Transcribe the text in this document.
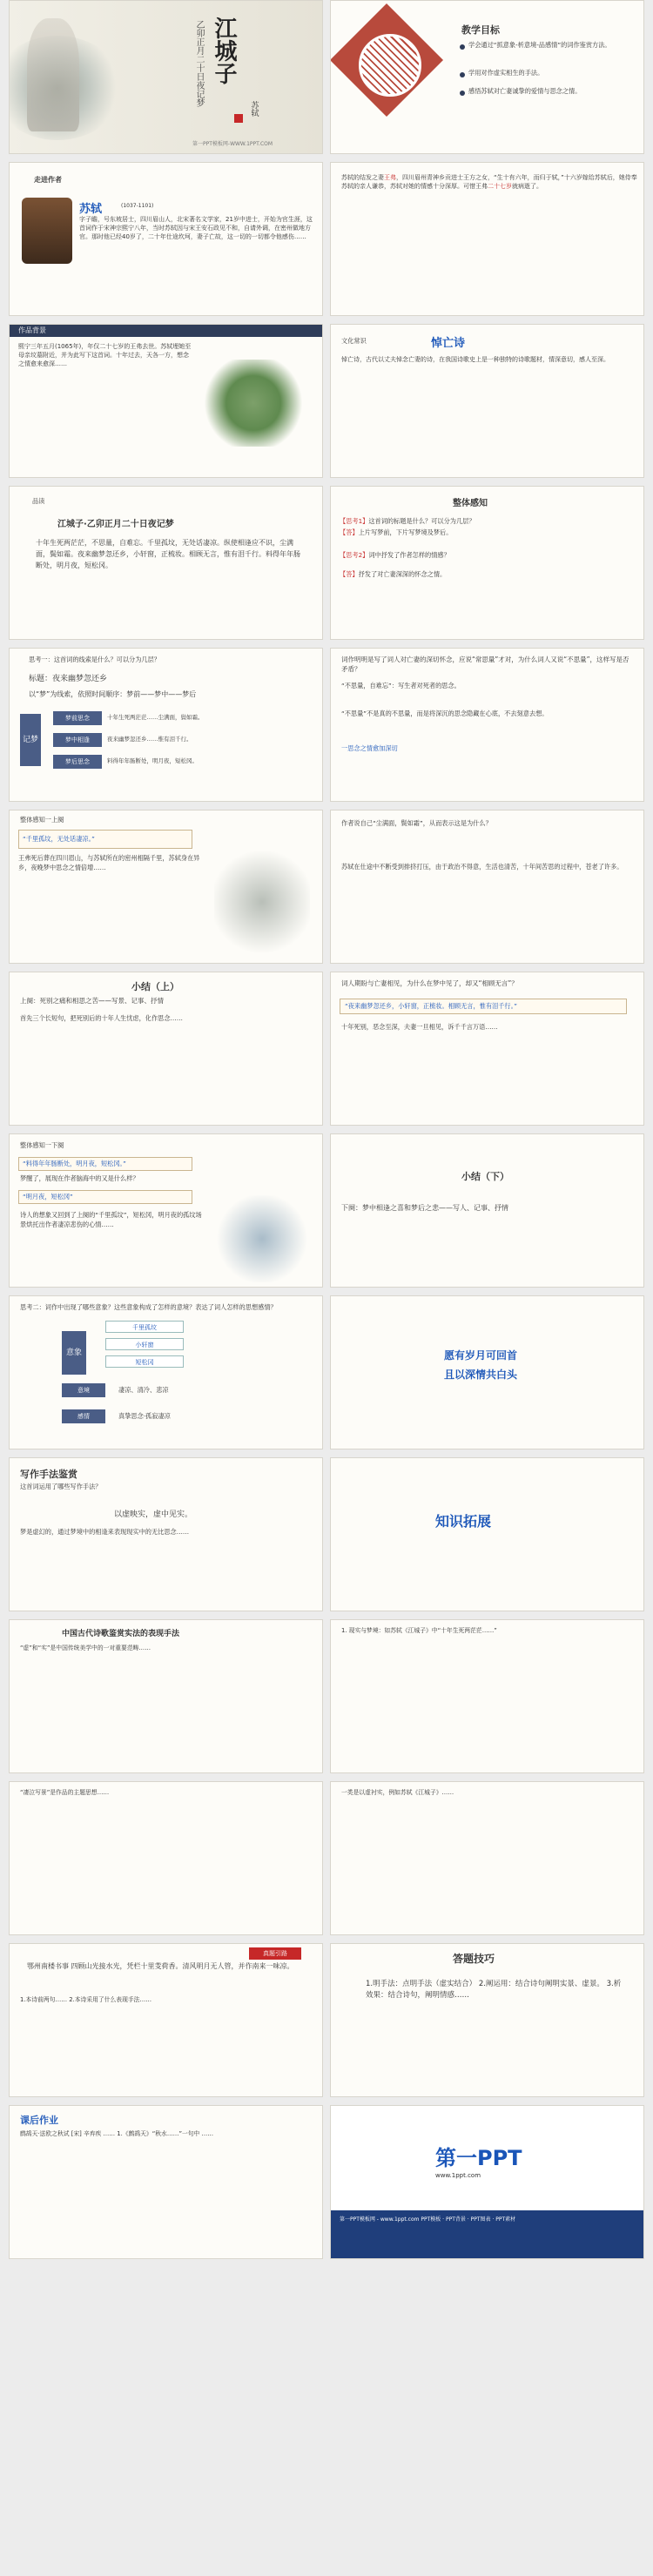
江城子
乙卯正月二十日夜记梦
苏轼
第一PPT模板网-WWW.1PPT.COM
教学目标
学会通过“抓意象-析意境-品感情”的词作鉴赏方法。
学用对作虚实相生的手法。
感悟苏轼对亡妻诚挚的爱情与思念之情。
走进作者
苏轼	(1037-1101)
字子瞻，号东坡居士，四川眉山人，北宋著名文学家，21岁中进士，开始为官生涯，这首词作于宋神宗熙宁八年，当时苏轼因与宋王安石政见不和，自请外调，在密州做地方官。那时他已经40岁了，二十年仕途坎坷，妻子亡故，这一切的一切都令他感伤……
苏轼的结发之妻王弗，四川眉州青神乡贡进士王方之女，“生十有六年，而归于轼，”十六岁嫁给苏轼后，她侍奉苏轼的亲人谦恭，苏轼对她的情感十分深厚。可惜王弗二十七岁就病逝了。
作品背景
熙宁三年五月(1065年)，年仅二十七岁的王弗去世。苏轼埋她至母亲坟墓附近，并为此写下这首词。十年过去，天各一方，想念之情愈来愈深……
文化常识	悼亡诗
悼亡诗，古代以丈夫悼念亡妻的诗，在我国诗歌史上是一种独特的诗歌题材，情深意切，感人至深。
品读
江城子·乙卯正月二十日夜记梦
十年生死两茫茫，不思量，自难忘。千里孤坟，无处话凄凉。纵使相逢应不识，尘满面，鬓如霜。夜来幽梦忽还乡，小轩窗，正梳妆。相顾无言，惟有泪千行。料得年年肠断处，明月夜，短松冈。
整体感知
【思考1】这首词的标题是什么？可以分为几层？
【答】上片写梦前，下片写梦境及梦后。
【思考2】词中抒发了作者怎样的情感？
【答】抒发了对亡妻深深的怀念之情。
思考一：这首词的线索是什么？可以分为几层？
标题：夜来幽梦忽还乡
以“梦”为线索，依照时间顺序：梦前——梦中——梦后
记梦
梦前思念
梦中相逢
梦后思念
十年生死两茫茫……尘满面，鬓如霜。
夜来幽梦忽还乡……惟有泪千行。
料得年年肠断处，明月夜，短松冈。
词作明明是写了词人对亡妻的深切怀念，应说“常思量”才对，为什么词人又说“不思量”，这样写是否矛盾？
“不思量，自难忘”：写生者对死者的思念。
“不思量”不是真的不思量，而是将深沉的思念隐藏在心底，不去刻意去想。
一思念之情愈加深切
整体感知一上阕
“千里孤坟，无处话凄凉。”
王弗死后葬在四川眉山，与苏轼所在的密州相隔千里，苏轼身在异乡，夜晚梦中思念之情倍增……
作者说自己“尘满面，鬓如霜”，从而表示这是为什么？
苏轼在仕途中不断受到排挤打压，由于政治不得意，生活也清苦，十年间苦思的过程中，苍老了许多。
小结（上）
上阕：死别之痛和相思之苦——写景、记事、抒情
首先三个长短句，把死别后的十年人生忧虑，化作思念……
词人期盼与亡妻相见，为什么在梦中见了，却又“相顾无言”？
“夜来幽梦忽还乡，小轩窗，正梳妆。相顾无言，惟有泪千行。”
十年死别，恶念至深，夫妻一旦相见，诉千千言万语……
整体感知一下阕
“料得年年肠断处，明月夜，短松冈。”
梦醒了，展现在作者脑海中的又是什么样？
“明月夜，短松冈”
诗人的想象又回到了上阕的“千里孤坟”，短松冈，明月夜的孤坟场景烘托出作者凄凉悲伤的心情……
小结（下）
下阕：梦中相逢之喜和梦后之悲——写人、记事、抒情
思考二：词作中出现了哪些意象？这些意象构成了怎样的意境？表达了词人怎样的思想感情？
意象
千里孤坟
小轩窗
短松冈
意境	凄凉、清冷、悲凉
感情	真挚思念·孤寂凄凉
愿有岁月可回首
且以深情共白头
写作手法鉴赏
这首词运用了哪些写作手法？
以虚映实，虚中见实。
梦是虚幻的，通过梦境中的相逢来表现现实中的无比思念……
知识拓展
中国古代诗歌鉴赏实法的表现手法
“虚”和“实”是中国传统美学中的一对重要范畴……
1. 现实与梦境：如苏轼《江城子》中“十年生死两茫茫……”
“凄泣写景”是作品的主题思想……	一类是以虚衬实，例如苏轼《江城子》……
真题引路
鄂州南楼书事 四顾山光接水光，凭栏十里芰荷香。清风明月无人管，并作南来一味凉。
1.本诗前两句…… 2.本诗采用了什么表现手法……
答题技巧
1.明手法：点明手法（虚实结合） 2.阐运用：结合诗句阐明实景、虚景。 3.析效果：结合诗句，阐明情感……
课后作业
鹧鸪天·送欧之秋试 [宋] 辛弃疾 …… 1.《鹧鸪天》“秋水……”一句中 ……
第一PPT
www.1ppt.com
第一PPT模板网 - www.1ppt.com PPT模板 · PPT背景 · PPT图表 · PPT素材
